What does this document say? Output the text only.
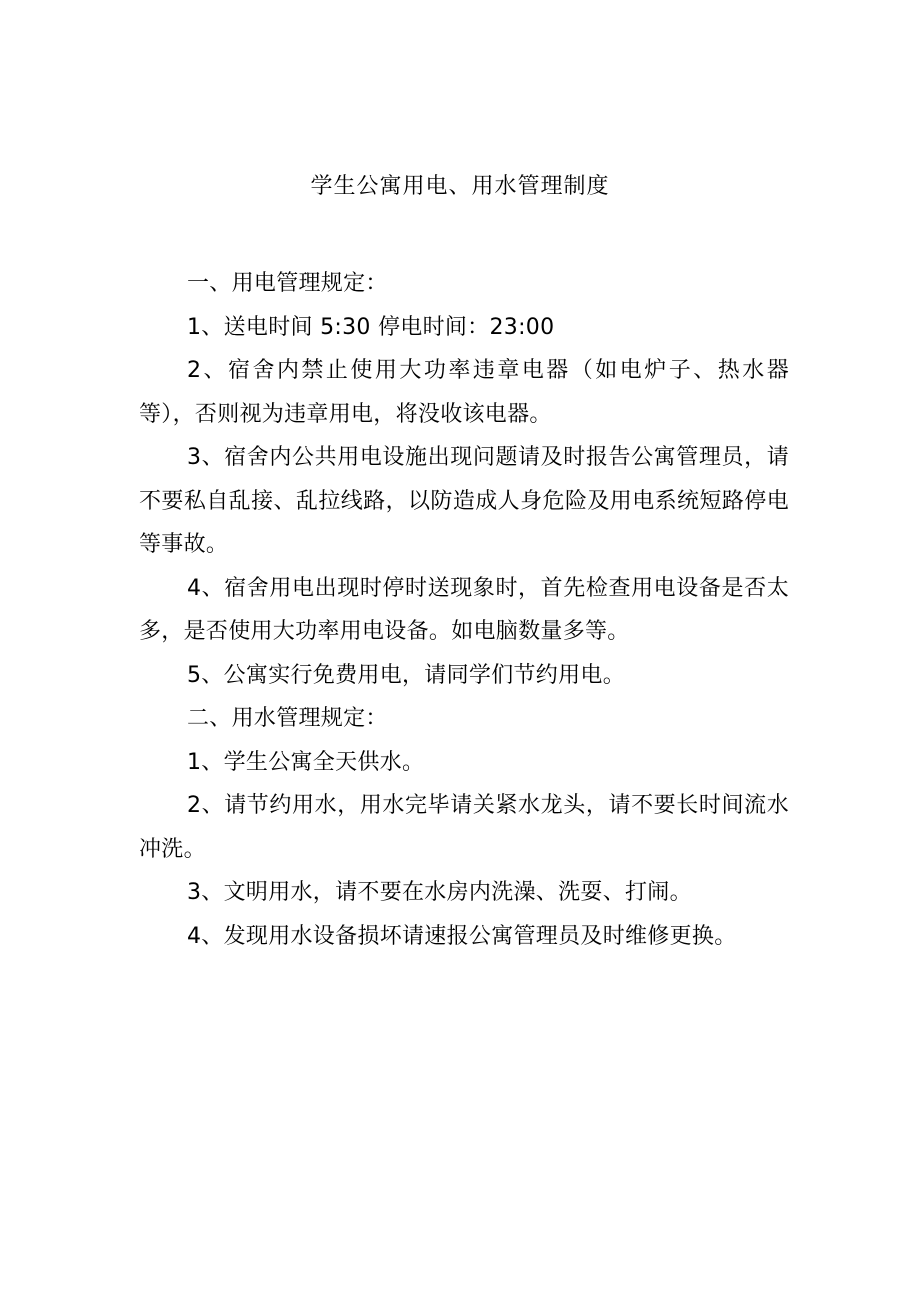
学生公寓用电、用水管理制度

一、用电管理规定：

1、送电时间 5:30 停电时间：23:00

2、宿舍内禁止使用大功率违章电器（如电炉子、热水器等），否则视为违章用电，将没收该电器。

3、宿舍内公共用电设施出现问题请及时报告公寓管理员，请不要私自乱接、乱拉线路，以防造成人身危险及用电系统短路停电等事故。

4、宿舍用电出现时停时送现象时，首先检查用电设备是否太多，是否使用大功率用电设备。如电脑数量多等。

5、公寓实行免费用电，请同学们节约用电。

二、用水管理规定：

1、学生公寓全天供水。

2、请节约用水，用水完毕请关紧水龙头，请不要长时间流水冲洗。

3、文明用水，请不要在水房内洗澡、洗耍、打闹。

4、发现用水设备损坏请速报公寓管理员及时维修更换。
